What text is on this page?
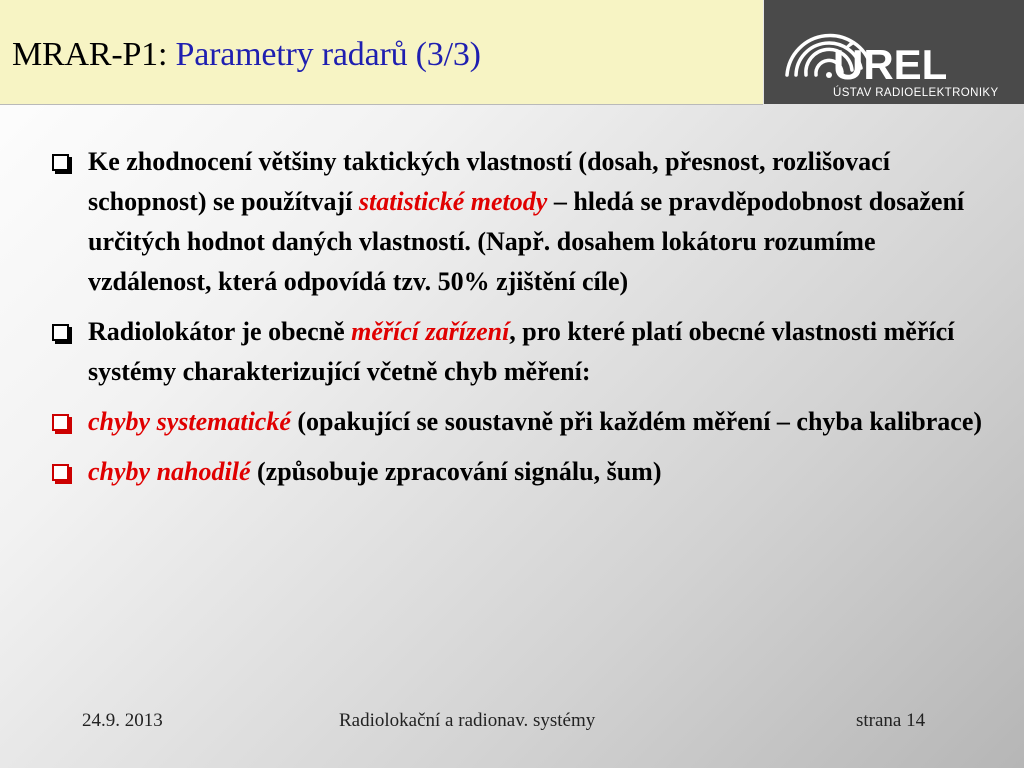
MRAR-P1: Parametry radarů (3/3)	ÚREL
ÚSTAV RADIOELEKTRONIKY
Ke zhodnocení většiny taktických vlastností (dosah, přesnost, rozlišovací schopnost) se použítvají statistické metody – hledá se pravděpodobnost dosažení určitých hodnot daných vlastností. (Např. dosahem lokátoru rozumíme vzdálenost, která odpovídá tzv. 50% zjištění cíle)
Radiolokátor je obecně měřící zařízení, pro které platí obecné vlastnosti měřící systémy charakterizující včetně chyb měření:
chyby systematické (opakující se soustavně při každém měření – chyba kalibrace)
chyby nahodilé (způsobuje zpracování signálu, šum)
24.9. 2013	Radiolokační a radionav. systémy	strana 14
